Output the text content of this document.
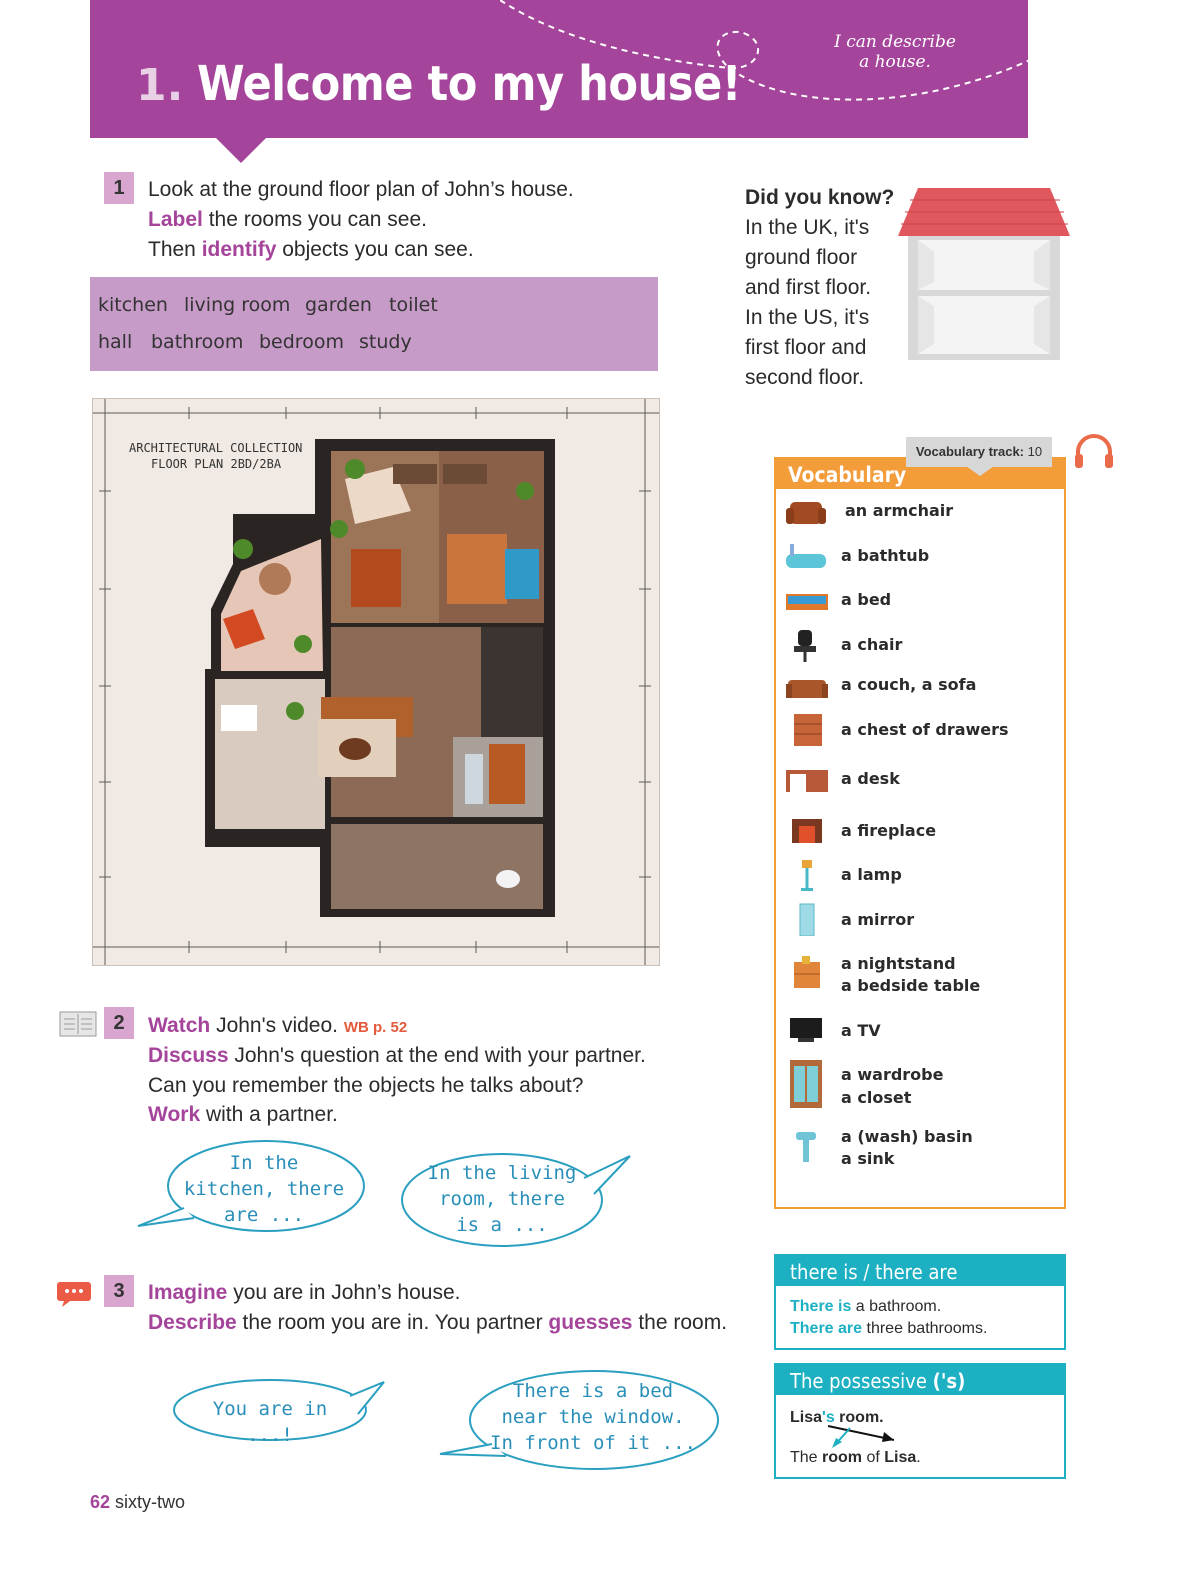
1. Welcome to my house!
I can describe
a house.
1	Look at the ground floor plan of John’s house.
Label the rooms you can see.
Then identify objects you can see.
kitchen living room garden toilet
hall bathroom bedroom study
Did you know?
In the UK, it's
ground floor
and first floor.
In the US, it's
first floor and
second floor.
ARCHITECTURAL COLLECTION
FLOOR PLAN 2BD/2BA	Vocabulary
Vocabulary track: 10
an armchair
a bathtub
a bed
a chair
a couch, a sofa
a chest of drawers
a desk
a fireplace
a lamp
a mirror
a nightstand
a bedside table
a TV
a wardrobe
a closet
a (wash) basin
a sink
2	Watch John's video. WB p. 52
Discuss John's question at the end with your partner.
Can you remember the objects he talks about?
Work with a partner.
In the
kitchen, there
are ...
In the living
room, there
is a ...
3	Imagine you are in John’s house.
Describe the room you are in. You partner guesses the room.
You are in ...!
There is a bed
near the window.
In front of it ...
there is / there are
There is a bathroom.
There are three bathrooms.
The possessive ('s)
Lisa's room.
The room of Lisa.
62 sixty-two
